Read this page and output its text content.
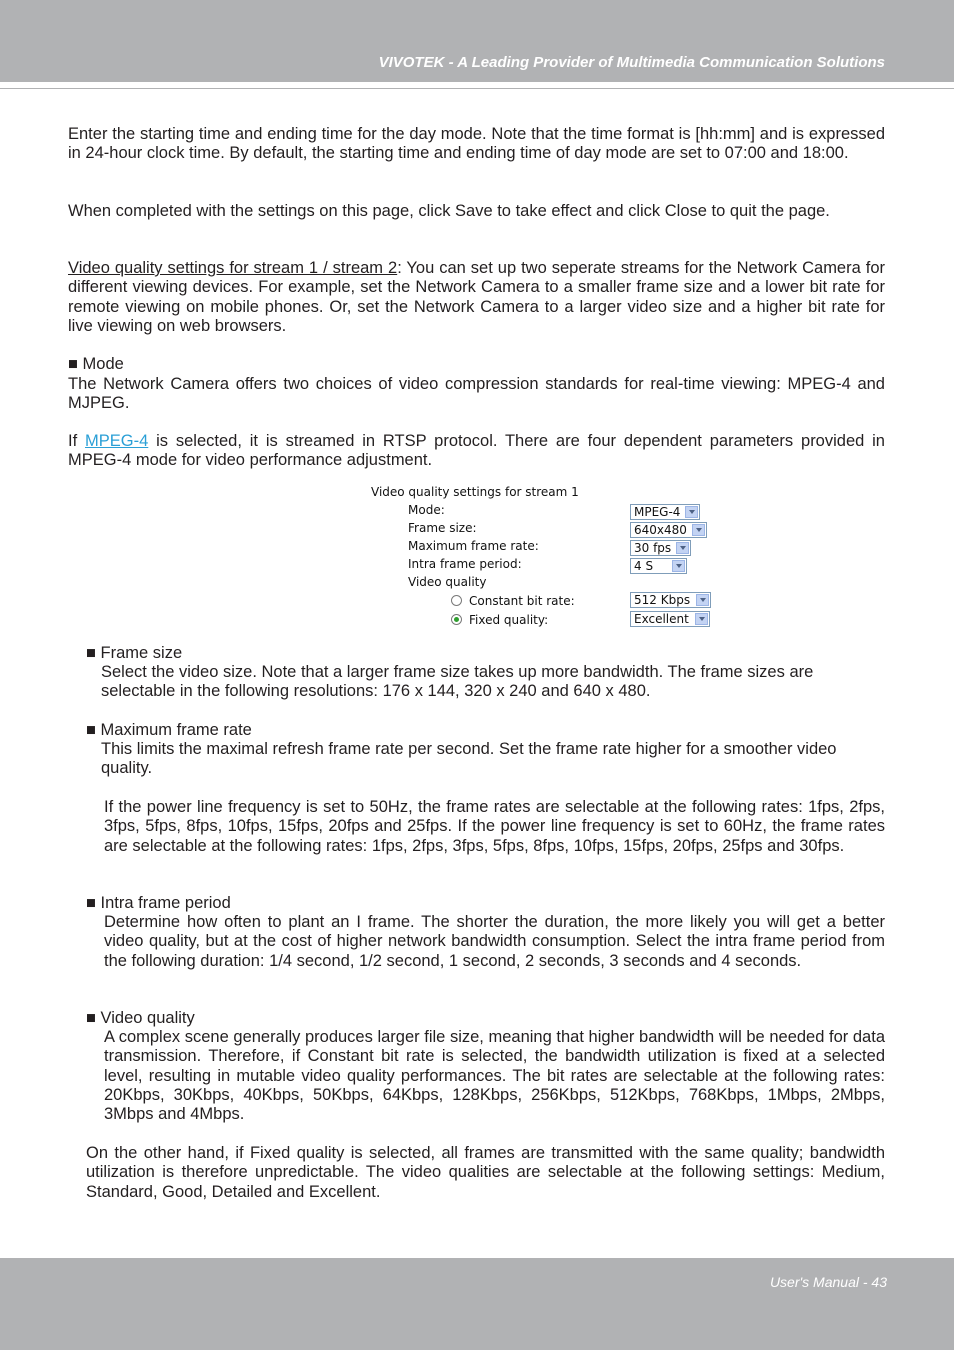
VIVOTEK - A Leading Provider of Multimedia Communication Solutions

Enter the starting time and ending time for the day mode. Note that the time format is [hh:mm] and is expressed in 24-hour clock time. By default, the starting time and ending time of day mode are set to 07:00 and 18:00.

When completed with the settings on this page, click Save to take effect and click Close to quit the page.

Video quality settings for stream 1 / stream 2: You can set up two seperate streams for the Network Camera for different viewing devices. For example, set the Network Camera to a smaller frame size and a lower bit rate for remote viewing on mobile phones. Or, set the Network Camera to a larger video size and a higher bit rate for live viewing on web browsers.

■ Mode

The Network Camera offers two choices of video compression standards for real-time viewing: MPEG-4 and MJPEG.

If MPEG-4 is selected, it is streamed in RTSP protocol. There are four dependent parameters provided in MPEG-4 mode for video performance adjustment.

Video quality settings for stream 1
Mode:	MPEG-4
Frame size:	640x480
Maximum frame rate:	30 fps
Intra frame period:	4 S
Video quality
Constant bit rate:	512 Kbps
Fixed quality:	Excellent

■ Frame size

Select the video size. Note that a larger frame size takes up more bandwidth. The frame sizes are selectable in the following resolutions: 176 x 144, 320 x 240 and 640 x 480.

■ Maximum frame rate

This limits the maximal refresh frame rate per second. Set the frame rate higher for a smoother video quality.

If the power line frequency is set to 50Hz, the frame rates are selectable at the following rates: 1fps, 2fps, 3fps, 5fps, 8fps, 10fps, 15fps, 20fps and 25fps. If the power line frequency is set to 60Hz, the frame rates are selectable at the following rates: 1fps, 2fps, 3fps, 5fps, 8fps, 10fps, 15fps, 20fps, 25fps and 30fps.

■ Intra frame period

Determine how often to plant an I frame. The shorter the duration, the more likely you will get a better video quality, but at the cost of higher network bandwidth consumption. Select the intra frame period from the following duration: 1/4 second, 1/2 second, 1 second, 2 seconds, 3 seconds and 4 seconds.

■ Video quality

A complex scene generally produces larger file size, meaning that higher bandwidth will be needed for data transmission. Therefore, if Constant bit rate is selected, the bandwidth utilization is fixed at a selected level, resulting in mutable video quality performances. The bit rates are selectable at the following rates: 20Kbps, 30Kbps, 40Kbps, 50Kbps, 64Kbps, 128Kbps, 256Kbps, 512Kbps, 768Kbps, 1Mbps, 2Mbps, 3Mbps and 4Mbps.

On the other hand, if Fixed quality is selected, all frames are transmitted with the same quality; bandwidth utilization is therefore unpredictable. The video qualities are selectable at the following settings: Medium, Standard, Good, Detailed and Excellent.

User's Manual - 43
